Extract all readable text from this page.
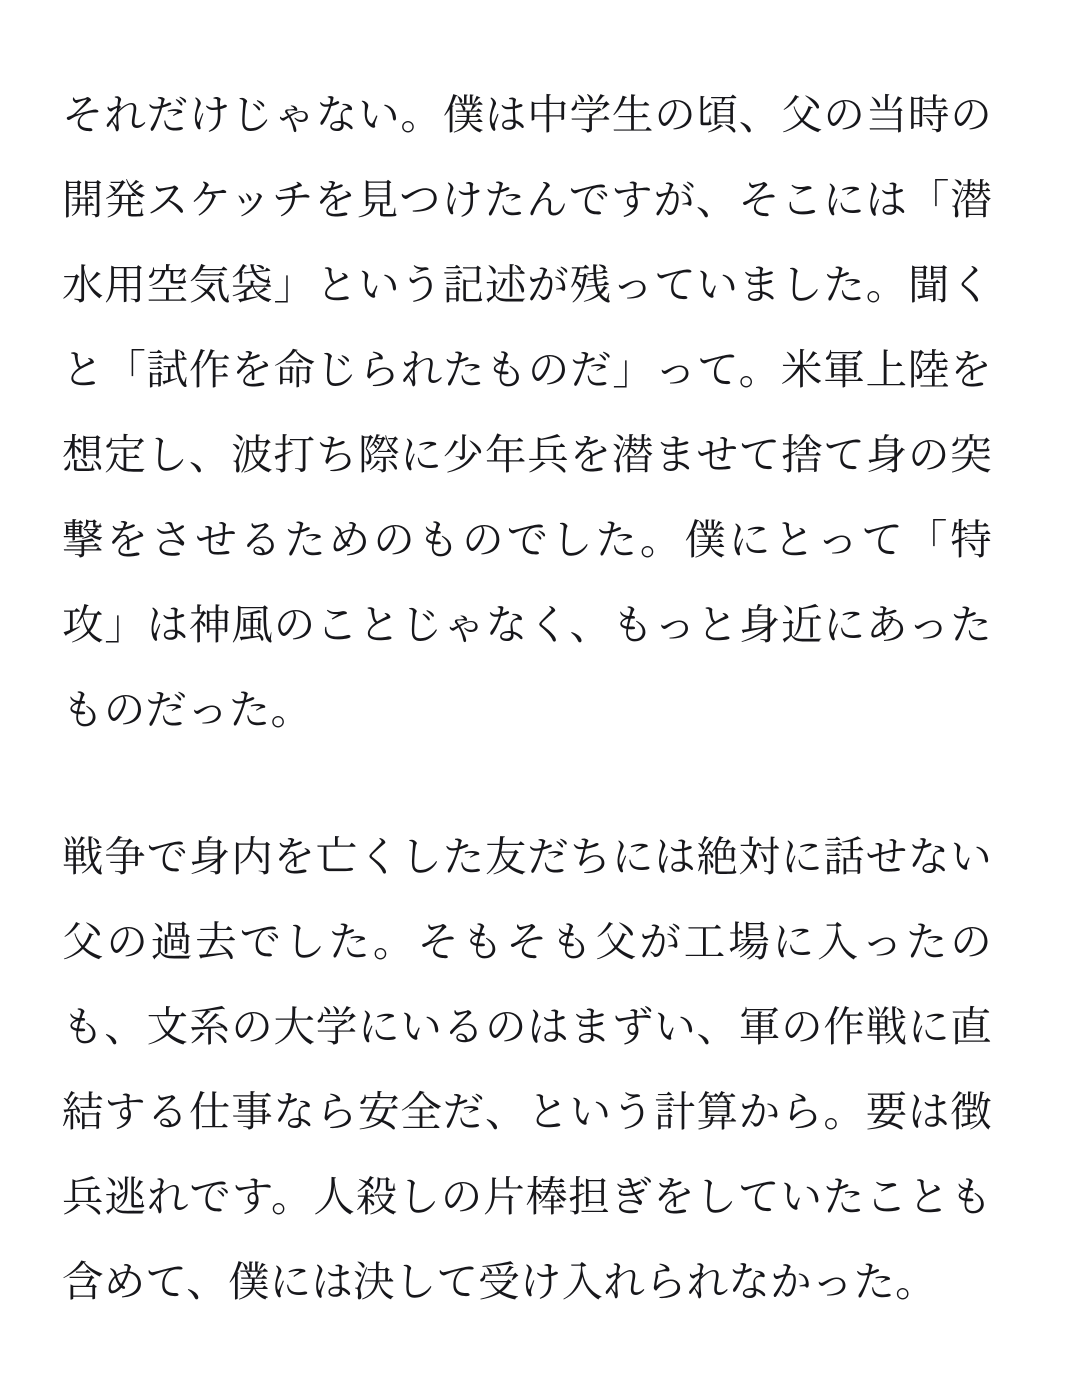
それだけじゃない。僕は中学生の頃、父の当時の開発スケッチを見つけたんですが、そこには「潜水用空気袋」という記述が残っていました。聞くと「試作を命じられたものだ」って。米軍上陸を想定し、波打ち際に少年兵を潜ませて捨て身の突撃をさせるためのものでした。僕にとって「特攻」は神風のことじゃなく、もっと身近にあったものだった。

戦争で身内を亡くした友だちには絶対に話せない父の過去でした。そもそも父が工場に入ったのも、文系の大学にいるのはまずい、軍の作戦に直結する仕事なら安全だ、という計算から。要は徴兵逃れです。人殺しの片棒担ぎをしていたことも含めて、僕には決して受け入れられなかった。
